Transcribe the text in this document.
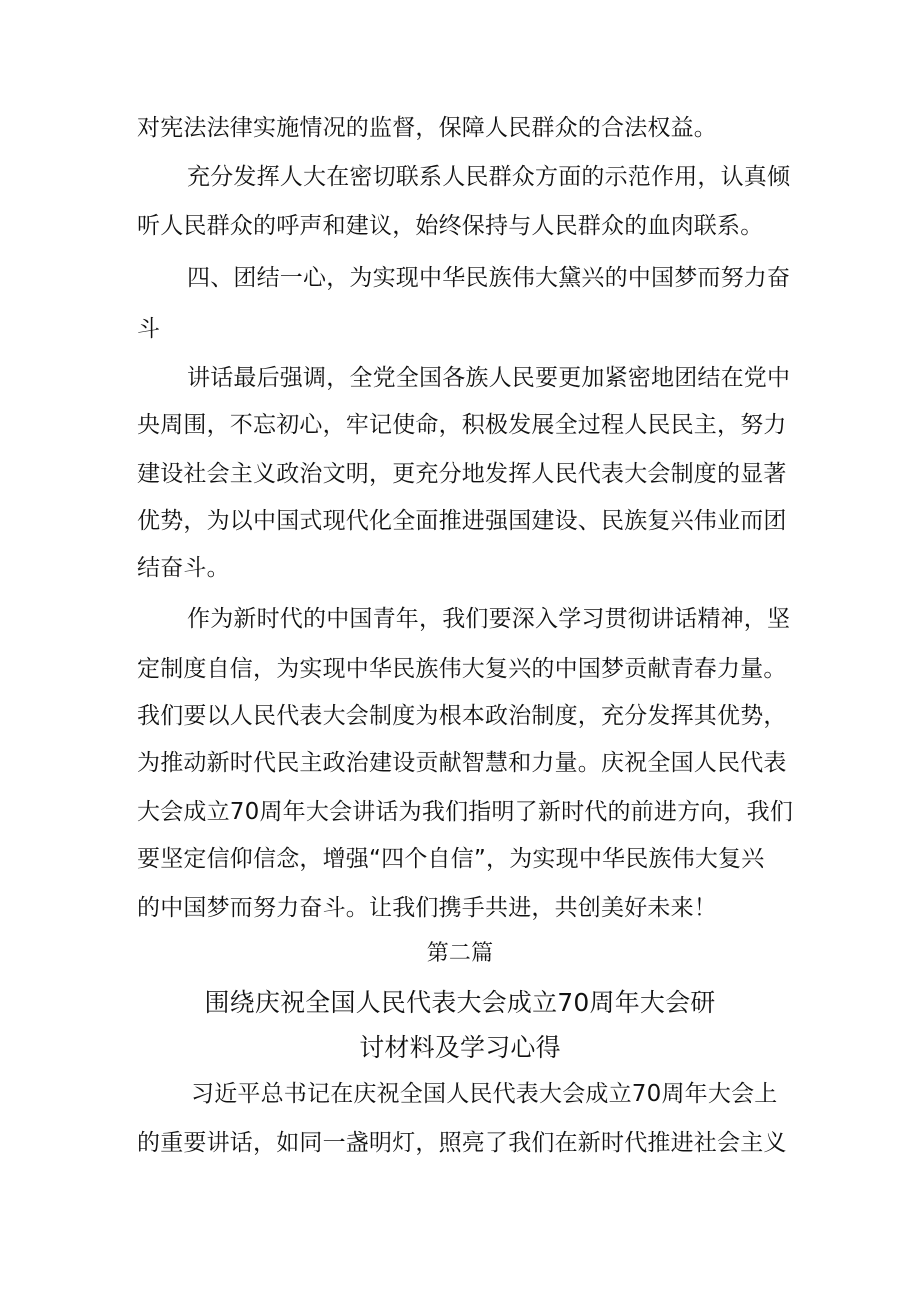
对宪法法律实施情况的监督，保障人民群众的合法权益。
充分发挥人大在密切联系人民群众方面的示范作用，认真倾
听人民群众的呼声和建议，始终保持与人民群众的血肉联系。
四、团结一心，为实现中华民族伟大黛兴的中国梦而努力奋
斗
讲话最后强调，全党全国各族人民要更加紧密地团结在党中
央周围，不忘初心，牢记使命，积极发展全过程人民民主，努力
建设社会主义政治文明，更充分地发挥人民代表大会制度的显著
优势，为以中国式现代化全面推进强国建设、民族复兴伟业而团
结奋斗。
作为新时代的中国青年，我们要深入学习贯彻讲话精神，坚
定制度自信，为实现中华民族伟大复兴的中国梦贡献青春力量。
我们要以人民代表大会制度为根本政治制度，充分发挥其优势，
为推动新时代民主政治建设贡献智慧和力量。庆祝全国人民代表
大会成立70周年大会讲话为我们指明了新时代的前进方向，我们
要坚定信仰信念，增强“四个自信”，为实现中华民族伟大复兴
的中国梦而努力奋斗。让我们携手共进，共创美好未来！
第二篇
围绕庆祝全国人民代表大会成立70周年大会研
讨材料及学习心得
习近平总书记在庆祝全国人民代表大会成立70周年大会上
的重要讲话，如同一盏明灯，照亮了我们在新时代推进社会主义
